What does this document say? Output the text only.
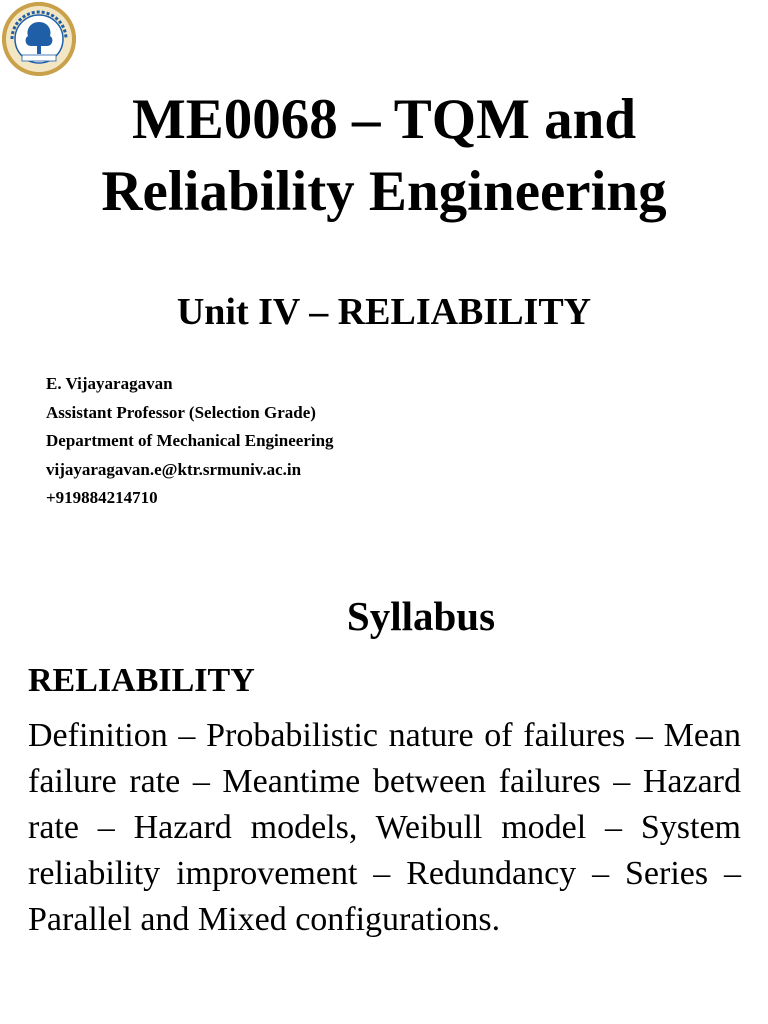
ME0068 – TQM and
Reliability Engineering
Unit IV – RELIABILITY
E. Vijayaragavan
Assistant Professor (Selection Grade)
Department of Mechanical Engineering
vijayaragavan.e@ktr.srmuniv.ac.in
+919884214710
Syllabus
RELIABILITY

Definition – Probabilistic nature of failures – Mean failure rate – Meantime between failures – Hazard rate – Hazard models, Weibull model – System reliability improvement – Redundancy – Series – Parallel and Mixed configurations.
